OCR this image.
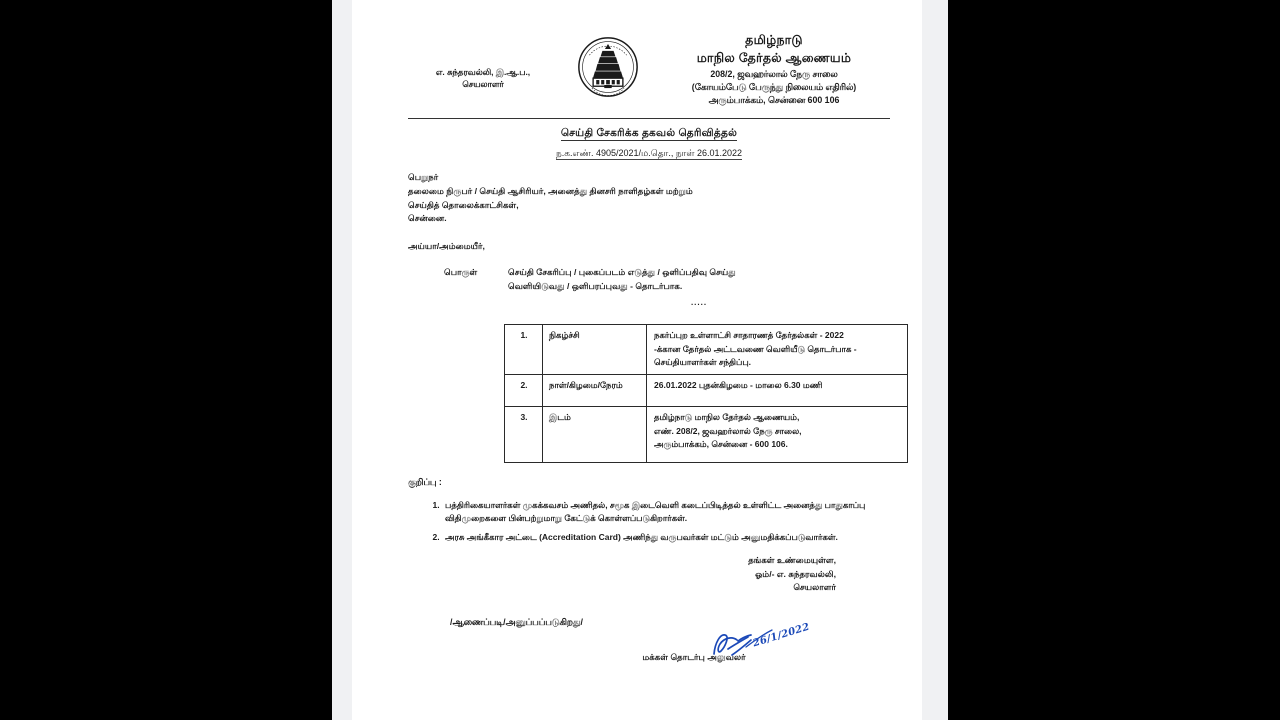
எ. சுந்தரவல்லி, இ.ஆ.ப.,
செயலாளர்
தமிழ்நாடு
மாநில தேர்தல் ஆணையம்
208/2, ஜவஹர்லால் நேரு சாலை
(கோயம்பேடு பேருந்து நிலையம் எதிரில்)
அரும்பாக்கம், சென்னை 600 106
செய்தி சேகரிக்க தகவல் தெரிவித்தல்
ந.க.எண். 4905/2021/ம.தொ., நாள் 26.01.2022
பெறுநர்
தலைமை நிருபர் / செய்தி ஆசிரியர், அனைத்து தினசரி நாளிதழ்கள் மற்றும்
செய்தித் தொலைக்காட்சிகள்,
சென்னை.
அய்யா/அம்மையீர்,
பொருள்	செய்தி சேகரிப்பு / புகைப்படம் எடுத்து / ஒளிப்பதிவு செய்து
வெளியிடுவது / ஒளிபரப்புவது - தொடர்பாக.
.....
1.	நிகழ்ச்சி	நகர்ப்புற உள்ளாட்சி சாதாரணத் தேர்தல்கள் - 2022
-க்கான தேர்தல் அட்டவணை வெளியீடு தொடர்பாக -
செய்தியாளர்கள் சந்திப்பு.

2.	நாள்/கிழமை/நேரம்	26.01.2022 புதன்கிழமை - மாலை 6.30 மணி

3.	இடம்	தமிழ்நாடு மாநில தேர்தல் ஆணையம்,
எண். 208/2, ஜவஹர்லால் நேரு சாலை,
அரும்பாக்கம், சென்னை - 600 106.
குறிப்பு :
1. பத்திரிகையாளர்கள் முகக்கவசம் அணிதல், சமூக இடைவெளி கடைப்பிடித்தல் உள்ளிட்ட அனைத்து பாதுகாப்பு விதிமுறைகளை பின்பற்றுமாறு கேட்டுக் கொள்ளப்படுகிறார்கள்.
2. அரசு அங்கீகார அட்டை (Accreditation Card) அணிந்து வருபவர்கள் மட்டும் அனுமதிக்கப்படுவார்கள்.
தங்கள் உண்மையுள்ள,
ஓம்/- எ. சுந்தரவல்லி,
செயலாளர்
/ஆணைப்படி/அனுப்பப்படுகிறது/	26/1/2022
மக்கள் தொடர்பு அலுவலர்
